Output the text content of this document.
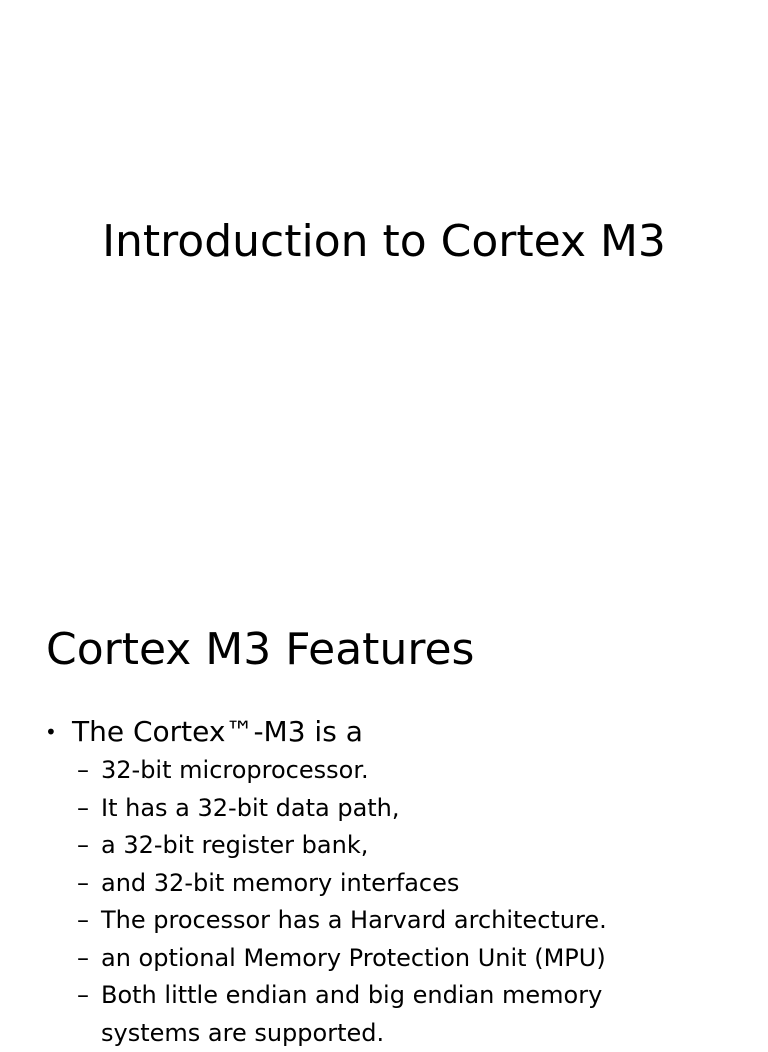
Introduction to Cortex M3
Cortex M3 Features
• The Cortex™-M3 is a
– 32-bit microprocessor.
– It has a 32-bit data path,
– a 32-bit register bank,
– and 32-bit memory interfaces
– The processor has a Harvard architecture.
– an optional Memory Protection Unit (MPU)
– Both little endian and big endian memory
systems are supported.
